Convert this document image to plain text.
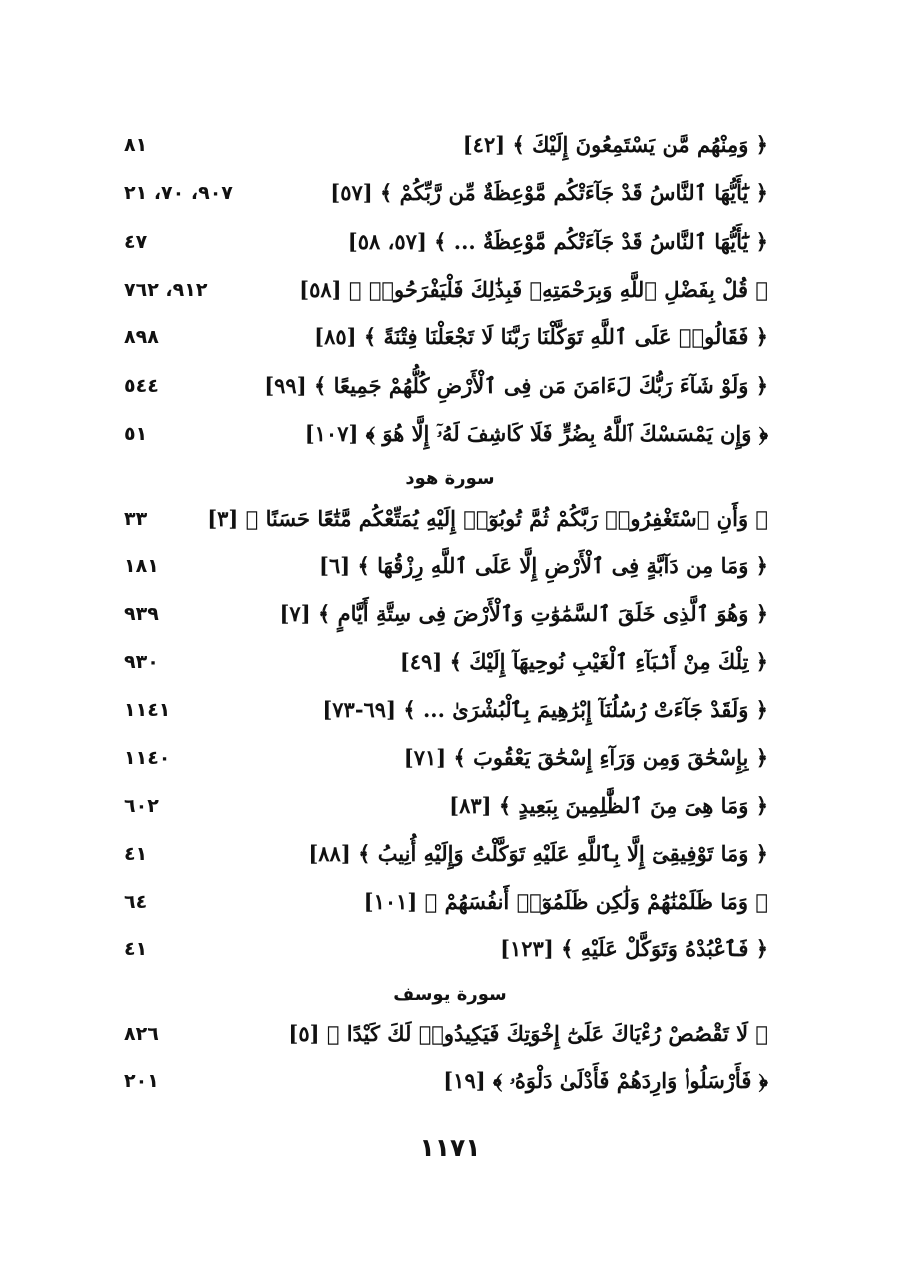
﴿ وَمِنْهُم مَّن يَسْتَمِعُونَ إِلَيْكَ ﴾ [٤٢]
٨١
﴿ يَٰٓأَيُّهَا ٱلنَّاسُ قَدْ جَآءَتْكُم مَّوْعِظَةٌ مِّن رَّبِّكُمْ ﴾ [٥٧]
٩٠٧، ٧٠، ٢١
﴿ يَٰٓأَيُّهَا ٱلنَّاسُ قَدْ جَآءَتْكُم مَّوْعِظَةٌ ... ﴾ [٥٧، ٥٨]
٤٧
﴿ قُلْ بِفَضْلِ ٱللَّهِ وَبِرَحْمَتِهِۦ فَبِذَٰلِكَ فَلْيَفْرَحُوا۟ ﴾ [٥٨]
٩١٢، ٧٦٢
﴿ فَقَالُوا۟ عَلَى ٱللَّهِ تَوَكَّلْنَا رَبَّنَا لَا تَجْعَلْنَا فِتْنَةً ﴾ [٨٥]
٨٩٨
﴿ وَلَوْ شَآءَ رَبُّكَ لَءَامَنَ مَن فِى ٱلْأَرْضِ كُلُّهُمْ جَمِيعًا ﴾ [٩٩]
٥٤٤
﴿ وَإِن يَمْسَسْكَ ٱللَّهُ بِضُرٍّ فَلَا كَاشِفَ لَهُۥٓ إِلَّا هُوَ ﴾ [١٠٧]
٥١
سورة هود
﴿ وَأَنِ ٱسْتَغْفِرُوا۟ رَبَّكُمْ ثُمَّ تُوبُوٓا۟ إِلَيْهِ يُمَتِّعْكُم مَّتَٰعًا حَسَنًا ﴾ [٣]
٣٣
﴿ وَمَا مِن دَآبَّةٍ فِى ٱلْأَرْضِ إِلَّا عَلَى ٱللَّهِ رِزْقُهَا ﴾ [٦]
١٨١
﴿ وَهُوَ ٱلَّذِى خَلَقَ ٱلسَّمَٰوَٰتِ وَٱلْأَرْضَ فِى سِتَّةِ أَيَّامٍ ﴾ [٧]
٩٣٩
﴿ تِلْكَ مِنْ أَنۢبَآءِ ٱلْغَيْبِ نُوحِيهَآ إِلَيْكَ ﴾ [٤٩]
٩٣٠
﴿ وَلَقَدْ جَآءَتْ رُسُلُنَآ إِبْرَٰهِيمَ بِٱلْبُشْرَىٰ ... ﴾ [٦٩-٧٣]
١١٤١
﴿ بِإِسْحَٰقَ وَمِن وَرَآءِ إِسْحَٰقَ يَعْقُوبَ ﴾ [٧١]
١١٤٠
﴿ وَمَا هِىَ مِنَ ٱلظَّٰلِمِينَ بِبَعِيدٍ ﴾ [٨٣]
٦٠٢
﴿ وَمَا تَوْفِيقِىٓ إِلَّا بِٱللَّهِ عَلَيْهِ تَوَكَّلْتُ وَإِلَيْهِ أُنِيبُ ﴾ [٨٨]
٤١
﴿ وَمَا ظَلَمْنَٰهُمْ وَلَٰكِن ظَلَمُوٓا۟ أَنفُسَهُمْ ﴾ [١٠١]
٦٤
﴿ فَٱعْبُدْهُ وَتَوَكَّلْ عَلَيْهِ ﴾ [١٢٣]
٤١
سورة يوسف
﴿ لَا تَقْصُصْ رُءْيَاكَ عَلَىٰٓ إِخْوَتِكَ فَيَكِيدُوا۟ لَكَ كَيْدًا ﴾ [٥]
٨٢٦
﴿ فَأَرْسَلُوا۟ وَارِدَهُمْ فَأَدْلَىٰ دَلْوَهُۥ ﴾ [١٩]
٢٠١
١١٧١
